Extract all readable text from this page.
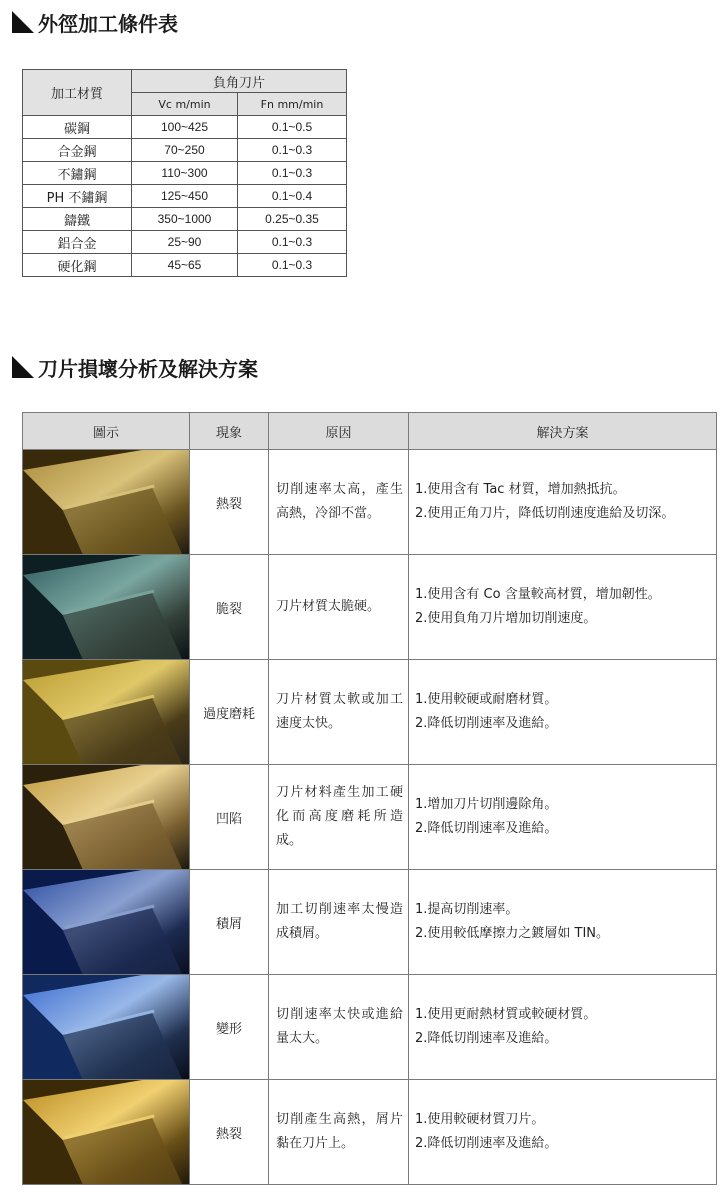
外徑加工條件表
加工材質	負角刀片	
	Vc m/min	Fn mm/min
碳鋼	100~425	0.1~0.5
合金鋼	70~250	0.1~0.3
不鏽鋼	110~300	0.1~0.3
PH 不鏽鋼	125~450	0.1~0.4
鑄鐵	350~1000	0.25~0.35
鋁合金	25~90	0.1~0.3
硬化鋼	45~65	0.1~0.3
刀片損壞分析及解決方案
圖示	現象	原因	解決方案

	熱裂	切削速率太高，產生高熱，冷卻不當。	1.使用含有 Tac 材質，增加熱抵抗。
2.使用正角刀片，降低切削速度進給及切深。

	脆裂	刀片材質太脆硬。	1.使用含有 Co 含量較高材質，增加韌性。
2.使用負角刀片增加切削速度。

	過度磨耗	刀片材質太軟或加工速度太快。	1.使用較硬或耐磨材質。
2.降低切削速率及進給。

	凹陷	刀片材料產生加工硬化而高度磨耗所造成。	1.增加刀片切削邊除角。
2.降低切削速率及進給。

	積屑	加工切削速率太慢造成積屑。	1.提高切削速率。
2.使用較低摩擦力之鍍層如 TIN。

	變形	切削速率太快或進給量太大。	1.使用更耐熱材質或較硬材質。
2.降低切削速率及進給。

	熱裂	切削產生高熱，屑片黏在刀片上。	1.使用較硬材質刀片。
2.降低切削速率及進給。
